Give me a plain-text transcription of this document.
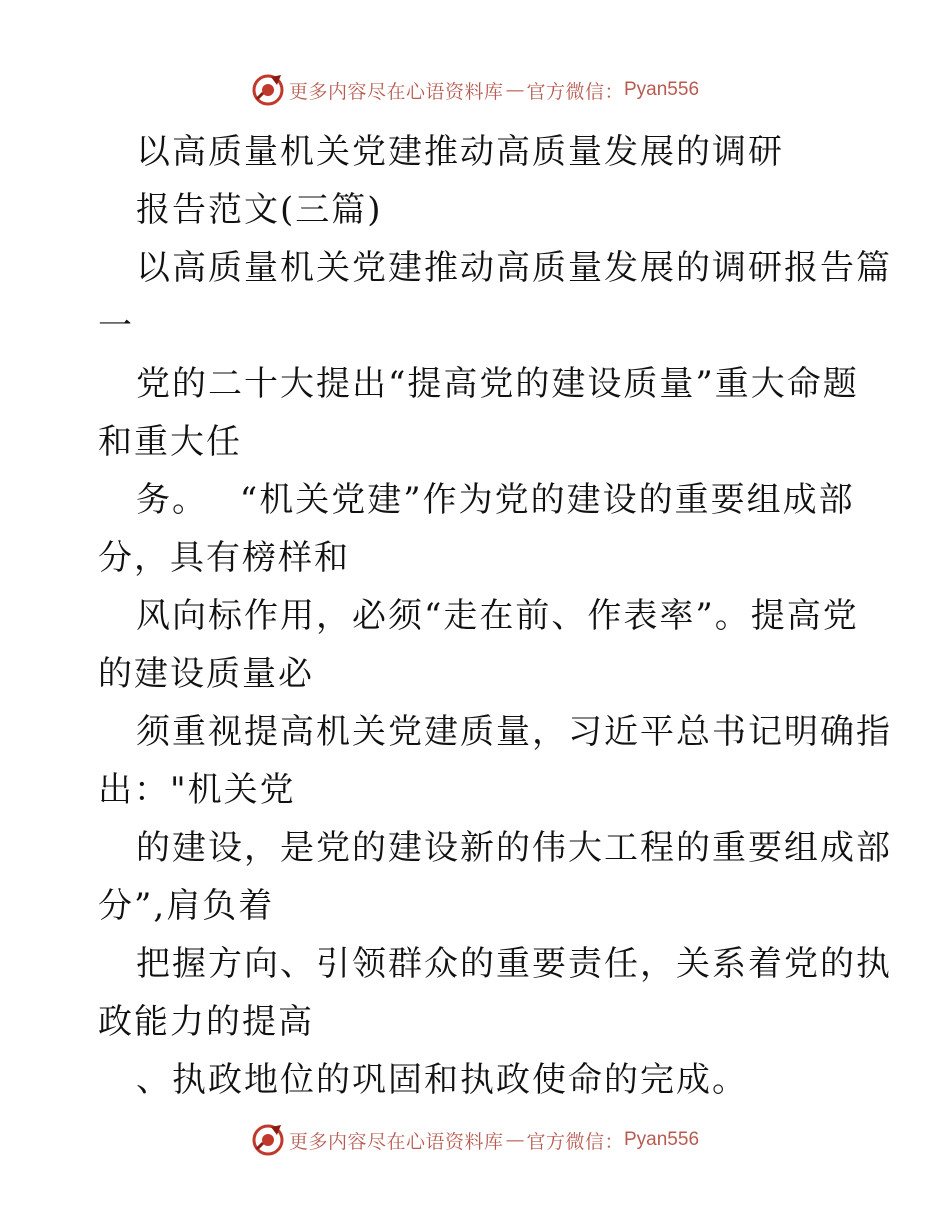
更多内容尽在心语资料库 — 官方微信： Pyan556
以高质量机关党建推动高质量发展的调研
报告范文(三篇)
以高质量机关党建推动高质量发展的调研报告篇
一
党的二十大提出“提高党的建设质量”重大命题
和重大任
务。　 “机关党建”作为党的建设的重要组成部
分，具有榜样和
风向标作用，必须“走在前、作表率”。提高党
的建设质量必
须重视提高机关党建质量，习近平总书记明确指
出："机关党
的建设，是党的建设新的伟大工程的重要组成部
分”,肩负着
把握方向、引领群众的重要责任，关系着党的执
政能力的提高
、执政地位的巩固和执政使命的完成。
更多内容尽在心语资料库 — 官方微信： Pyan556
